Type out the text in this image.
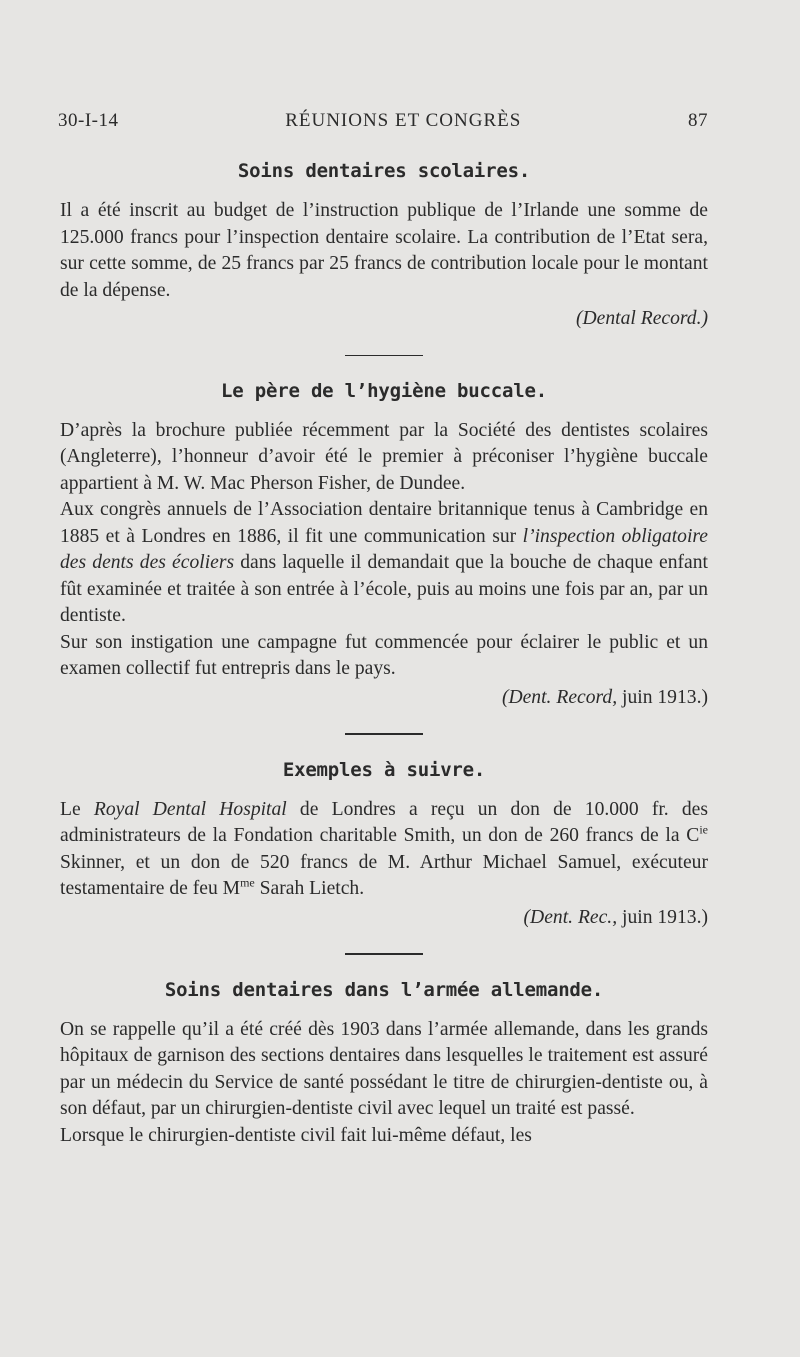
30-I-14	RÉUNIONS ET CONGRÈS	87
Soins dentaires scolaires.

Il a été inscrit au budget de l’instruction publique de l’Irlande une somme de 125.000 francs pour l’inspection dentaire scolaire. La contribution de l’Etat sera, sur cette somme, de 25 francs par 25 francs de contribution locale pour le montant de la dépense.

(Dental Record.)
Le père de l’hygiène buccale.

D’après la brochure publiée récemment par la Société des dentistes scolaires (Angleterre), l’honneur d’avoir été le premier à préconiser l’hygiène buccale appartient à M. W. Mac Pherson Fisher, de Dundee.

Aux congrès annuels de l’Association dentaire britannique tenus à Cambridge en 1885 et à Londres en 1886, il fit une communication sur l’inspection obligatoire des dents des écoliers dans laquelle il demandait que la bouche de chaque enfant fût examinée et traitée à son entrée à l’école, puis au moins une fois par an, par un dentiste.

Sur son instigation une campagne fut commencée pour éclairer le public et un examen collectif fut entrepris dans le pays.

(Dent. Record, juin 1913.)
Exemples à suivre.

Le Royal Dental Hospital de Londres a reçu un don de 10.000 fr. des administrateurs de la Fondation charitable Smith, un don de 260 francs de la $C^{ie}$ Skinner, et un don de 520 francs de M. Arthur Michael Samuel, exécuteur testamentaire de feu $M^{me}$ Sarah Lietch.

(Dent. Rec., juin 1913.)
Soins dentaires dans l’armée allemande.

On se rappelle qu’il a été créé dès 1903 dans l’armée allemande, dans les grands hôpitaux de garnison des sections dentaires dans lesquelles le traitement est assuré par un médecin du Service de santé possédant le titre de chirurgien-dentiste ou, à son défaut, par un chirurgien-dentiste civil avec lequel un traité est passé.

Lorsque le chirurgien-dentiste civil fait lui-même défaut, les
